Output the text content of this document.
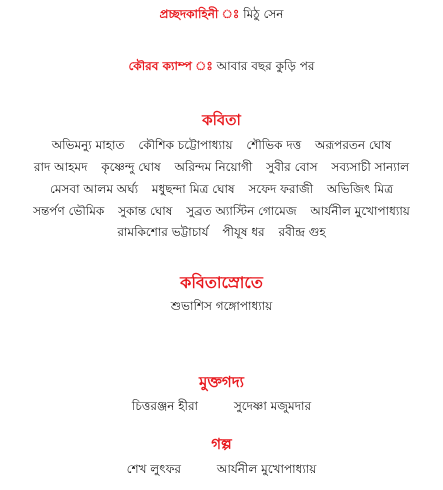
প্রচ্ছদকাহিনী ঃ মিঠু সেন
কৌরব ক্যাম্প ঃ আবার বছর কুড়ি পর
কবিতা
অভিমন্যু মাহাত কৌশিক চট্টোপাধ্যায় শৌভিক দত্ত অরূপরতন ঘোষ
রাদ আহমদ কৃষ্ণেন্দু ঘোষ অরিন্দম নিয়োগী সুবীর বোস সব্যসাচী সান্যাল
মেসবা আলম অর্ঘ্য মধুছন্দা মিত্র ঘোষ সফেদ ফরাজী অভিজিৎ মিত্র
সন্তর্পণ ভৌমিক সুকান্ত ঘোষ সুব্রত অ্যাস্টিন গোমেজ আর্যনীল মুখোপাধ্যায়
রামকিশোর ভট্টাচার্য পীযূষ ধর রবীন্দ্র গুহ
কবিতাস্রোতে
শুভাশিস গঙ্গোপাধ্যায়
মুক্তগদ্য
চিত্তরঞ্জন হীরা	সুদেষ্ণা মজুমদার
গল্প
শেখ লুৎফর	আর্যনীল মুখোপাধ্যায়
